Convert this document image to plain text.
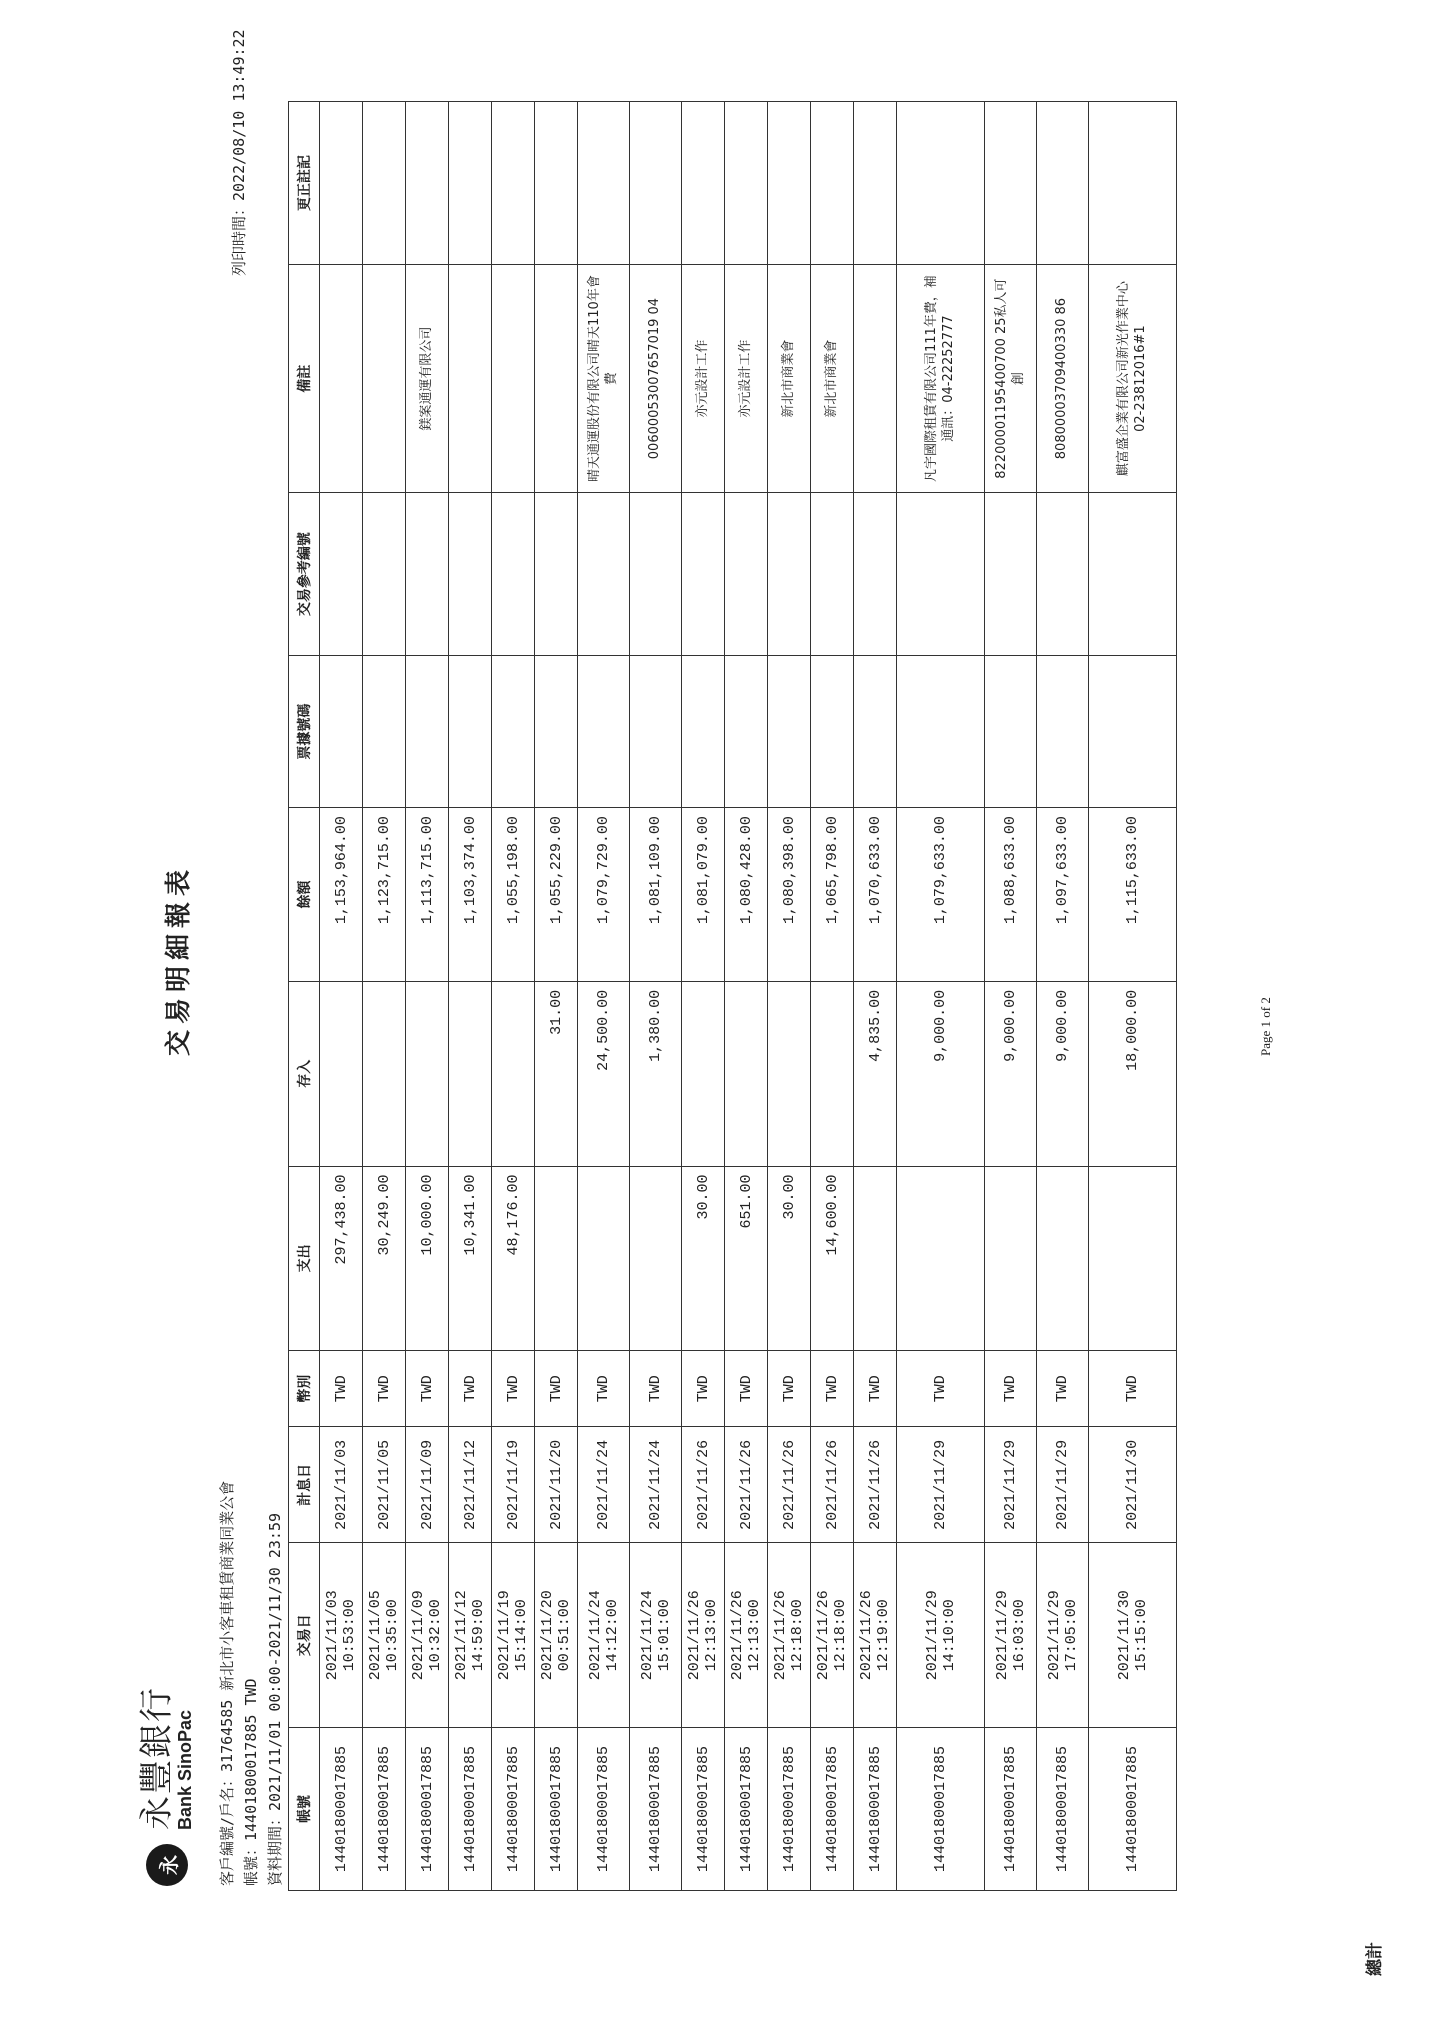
永
永豐銀行
Bank SinoPac
交易明細報表
客戶編號/戶名：31764585 新北市小客車租賃商業同業公會 帳號：14401800017885 TWD 資料期間：2021/11/01 00:00-2021/11/30 23:59
列印時間：2022/08/10 13:49:22
帳號	交易日	計息日	幣別	支出	存入	餘額	票據號碼	交易參考編號	備註	更正註記
14401800017885	2021/11/03 10:53:00	2021/11/03	TWD	297,438.00		1,153,964.00				
14401800017885	2021/11/05 10:35:00	2021/11/05	TWD	30,249.00		1,123,715.00				
14401800017885	2021/11/09 10:32:00	2021/11/09	TWD	10,000.00		1,113,715.00			鎂案通運有限公司	
14401800017885	2021/11/12 14:59:00	2021/11/12	TWD	10,341.00		1,103,374.00				
14401800017885	2021/11/19 15:14:00	2021/11/19	TWD	48,176.00		1,055,198.00				
14401800017885	2021/11/20 00:51:00	2021/11/20	TWD		31.00	1,055,229.00				
14401800017885	2021/11/24 14:12:00	2021/11/24	TWD		24,500.00	1,079,729.00			晴天通運股份有限公司晴天110年會費	
14401800017885	2021/11/24 15:01:00	2021/11/24	TWD		1,380.00	1,081,109.00			00600053007657019 04	
14401800017885	2021/11/26 12:13:00	2021/11/26	TWD	30.00		1,081,079.00			亦元設計工作	
14401800017885	2021/11/26 12:13:00	2021/11/26	TWD	651.00		1,080,428.00			亦元設計工作	
14401800017885	2021/11/26 12:18:00	2021/11/26	TWD	30.00		1,080,398.00			新北市商業會	
14401800017885	2021/11/26 12:18:00	2021/11/26	TWD	14,600.00		1,065,798.00			新北市商業會	
14401800017885	2021/11/26 12:19:00	2021/11/26	TWD		4,835.00	1,070,633.00				
14401800017885	2021/11/29 14:10:00	2021/11/29	TWD		9,000.00	1,079,633.00			凡宇國際租賃有限公司111年費，補通訊：04-22252777	
14401800017885	2021/11/29 16:03:00	2021/11/29	TWD		9,000.00	1,088,633.00			82200001195400700 25私人可創	
14401800017885	2021/11/29 17:05:00	2021/11/29	TWD		9,000.00	1,097,633.00			80800003709400330 86	
14401800017885	2021/11/30 15:15:00	2021/11/30	TWD		18,000.00	1,115,633.00			麒富盛企業有限公司新光作業中心02-23812016#1	
總計
Page 1 of 2
